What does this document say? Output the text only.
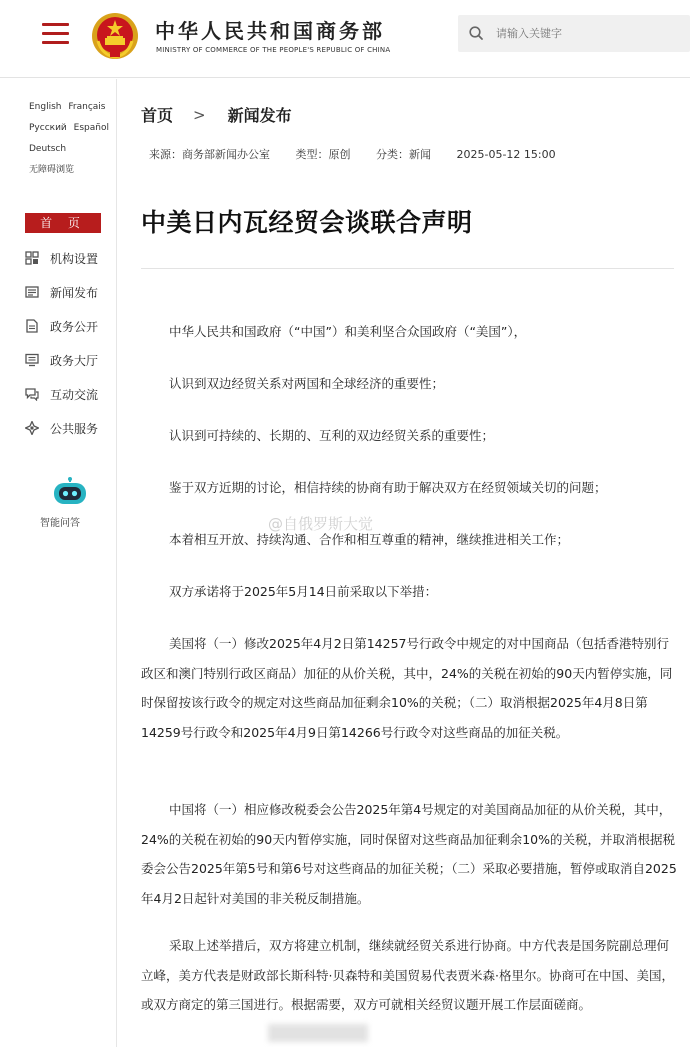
中华人民共和国商务部
MINISTRY OF COMMERCE OF THE PEOPLE'S REPUBLIC OF CHINA
请输入关键字
English Français
Русский Español
Deutsch
无障碍浏览
首 页
机构设置
新闻发布
政务公开
政务大厅
互动交流
公共服务
智能问答
首页 > 新闻发布
来源：商务部新闻办公室 类型：原创 分类：新闻 2025-05-12 15:00
中美日内瓦经贸会谈联合声明

中华人民共和国政府（“中国”）和美利坚合众国政府（“美国”），

认识到双边经贸关系对两国和全球经济的重要性；

认识到可持续的、长期的、互利的双边经贸关系的重要性；

鉴于双方近期的讨论，相信持续的协商有助于解决双方在经贸领域关切的问题；

本着相互开放、持续沟通、合作和相互尊重的精神，继续推进相关工作；

双方承诺将于2025年5月14日前采取以下举措：

美国将（一）修改2025年4月2日第14257号行政令中规定的对中国商品（包括香港特别行政区和澳门特别行政区商品）加征的从价关税，其中，24%的关税在初始的90天内暂停实施，同时保留按该行政令的规定对这些商品加征剩余10%的关税；（二）取消根据2025年4月8日第14259号行政令和2025年4月9日第14266号行政令对这些商品的加征关税。

中国将（一）相应修改税委会公告2025年第4号规定的对美国商品加征的从价关税，其中，24%的关税在初始的90天内暂停实施，同时保留对这些商品加征剩余10%的关税，并取消根据税委会公告2025年第5号和第6号对这些商品的加征关税；（二）采取必要措施，暂停或取消自2025年4月2日起针对美国的非关税反制措施。

采取上述举措后，双方将建立机制，继续就经贸关系进行协商。中方代表是国务院副总理何立峰，美方代表是财政部长斯科特·贝森特和美国贸易代表贾米森·格里尔。协商可在中国、美国，或双方商定的第三国进行。根据需要，双方可就相关经贸议题开展工作层面磋商。

@自俄罗斯大觉
